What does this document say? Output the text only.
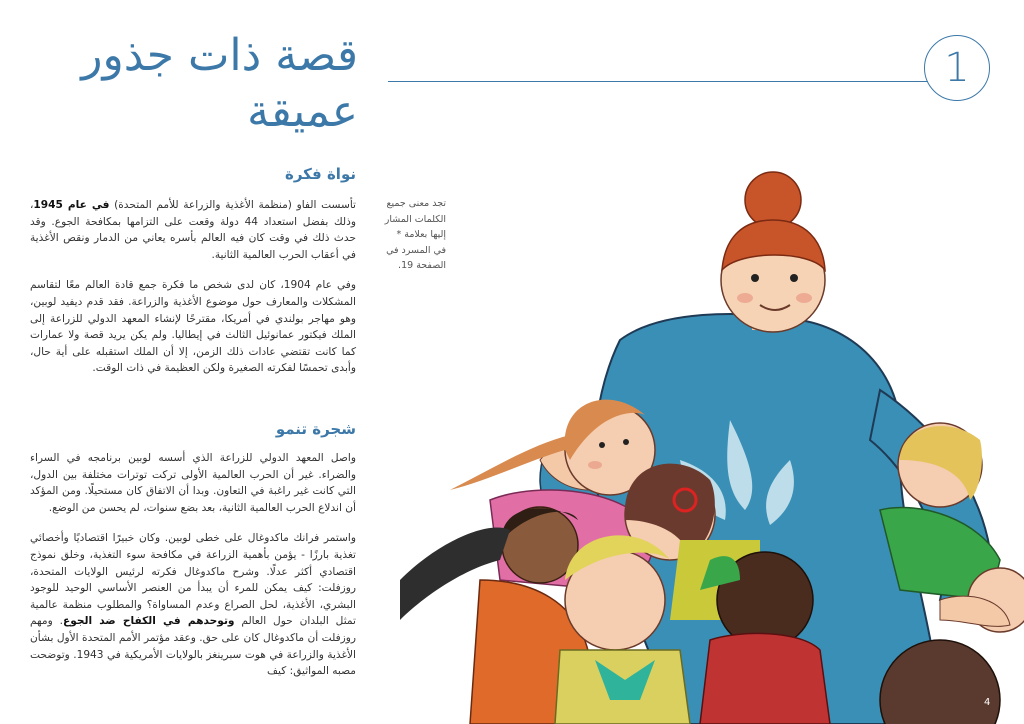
قصة ذات جذور عميقة
1
نواة فكرة

تأسست الفاو (منظمة الأغذية والزراعة للأمم المتحدة) في عام 1945، وذلك بفضل استعداد 44 دولة وقعت على التزامها بمكافحة الجوع. وقد حدث ذلك في وقت كان فيه العالم بأسره يعاني من الدمار ونقص الأغذية في أعقاب الحرب العالمية الثانية.

وفي عام 1904، كان لدى شخص ما فكرة جمع قادة العالم معًا لتقاسم المشكلات والمعارف حول موضوع الأغذية والزراعة. فقد قدم ديفيد لوبين، وهو مهاجر بولندي في أمريكا، مقترحًا لإنشاء المعهد الدولي للزراعة إلى الملك فيكتور عمانوئيل الثالث في إيطاليا. ولم يكن يريد قصة ولا عمارات كما كانت تقتضي عادات ذلك الزمن، إلا أن الملك استقبله على أية حال، وأبدى تحمسًا لفكرته الصغيرة ولكن العظيمة في ذات الوقت.

شجرة تنمو

واصل المعهد الدولي للزراعة الذي أسسه لوبين برنامجه في السراء والضراء. غير أن الحرب العالمية الأولى تركت توترات مختلفة بين الدول، التي كانت غير راغبة في التعاون. وبدا أن الاتفاق كان مستحيلًا. ومن المؤكد أن اندلاع الحرب العالمية الثانية، بعد بضع سنوات، لم يحسن من الوضع.

واستمر فرانك ماكدوغال على خطى لوبين. وكان خبيرًا اقتصاديًا وأخصائي تغذية بارزًا - يؤمن بأهمية الزراعة في مكافحة سوء التغذية، وخلق نموذج اقتصادي أكثر عدلًا. وشرح ماكدوغال فكرته لرئيس الولايات المتحدة، روزفلت: كيف يمكن للمرء أن يبدأ من العنصر الأساسي الوحيد للوجود البشري، الأغذية، لحل الصراع وعدم المساواة؟ والمطلوب منظمة عالمية تمثل البلدان حول العالم وتوحدهم في الكفاح ضد الجوع. ومهم روزفلت أن ماكدوغال كان على حق. وعقد مؤتمر الأمم المتحدة الأول بشأن الأغذية والزراعة في هوت سبرينغز بالولايات الأمريكية في 1943. وتوضحت مصبه المواثيق: كيف

تجد معنى جميع الكلمات المشار إليها بعلامة * في المسرد في الصفحة 19.
4
